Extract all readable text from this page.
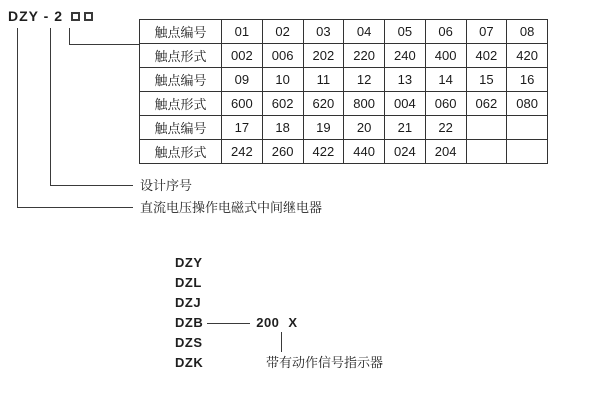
DZY - 2
触点编号	01	02	03	04	05	06	07	08
触点形式	002	006	202	220	240	400	402	420
触点编号	09	10	11	12	13	14	15	16
触点形式	600	602	620	800	004	060	062	080
触点编号	17	18	19	20	21	22		
触点形式	242	260	422	440	024	204		
设计序号
直流电压操作电磁式中间继电器
DZY
DZL
DZJ
DZB	200 X
DZS
DZK	带有动作信号指示器
